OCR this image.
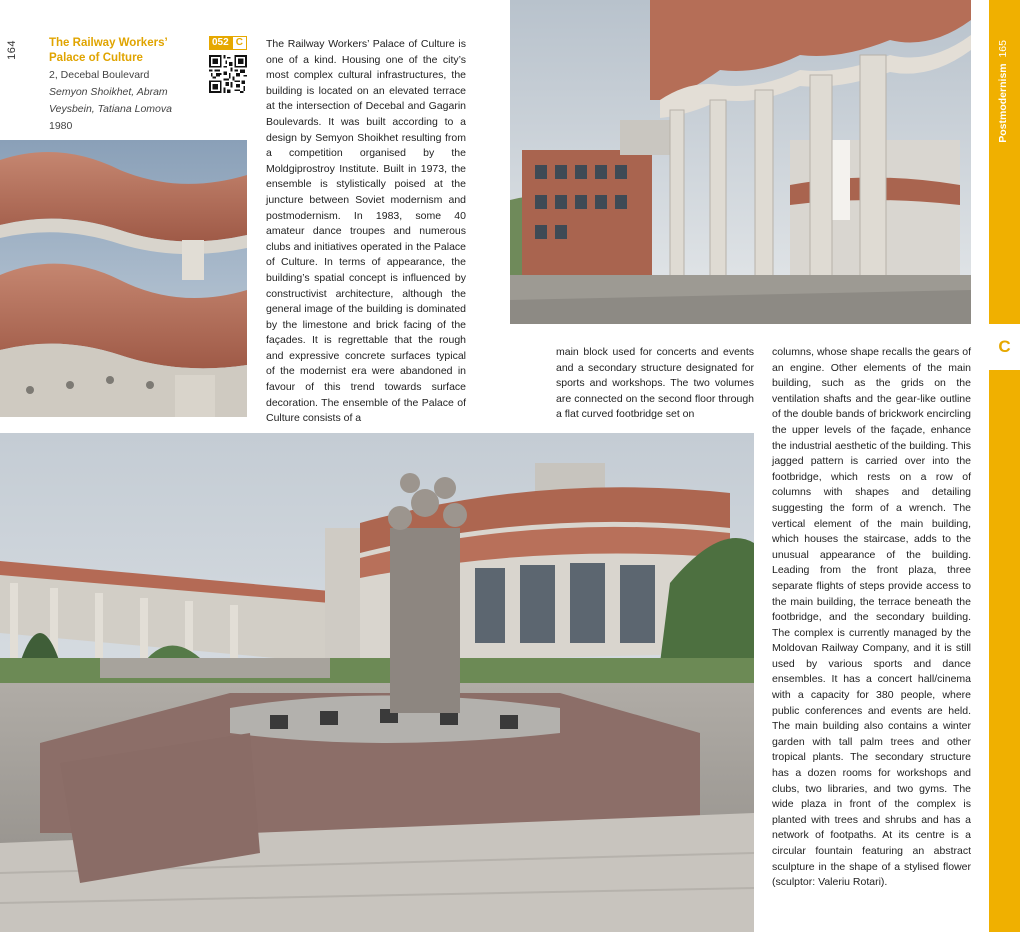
164	The Railway Workers’ Palace of Culture
2, Decebal Boulevard
Semyon Shoikhet, Abram Veysbein, Tatiana Lomova
1980
052 C	The Railway Workers’ Palace of Culture is one of a kind. Housing one of the city’s most complex cultural infrastructures, the building is located on an elevated terrace at the intersection of Decebal and Gagarin Boulevards. It was built according to a design by Semyon Shoikhet resulting from a competition organised by the Moldgiprostroy Institute. Built in 1973, the ensemble is stylistically poised at the juncture between Soviet modernism and postmodernism. In 1983, some 40 amateur dance troupes and numerous clubs and initiatives operated in the Palace of Culture. In terms of appearance, the building’s spatial concept is influenced by constructivist architecture, although the general image of the building is dominated by the limestone and brick facing of the façades. It is regrettable that the rough and expressive concrete surfaces typical of the modernist era were abandoned in favour of this trend towards surface decoration. The ensemble of the Palace of Culture consists of a
main block used for concerts and events and a secondary structure designated for sports and workshops. The two volumes are connected on the second floor through a flat curved footbridge set on
columns, whose shape recalls the gears of an engine. Other elements of the main building, such as the grids on the ventilation shafts and the gear-like outline of the double bands of brickwork encircling the upper levels of the façade, enhance the industrial aesthetic of the building. This jagged pattern is carried over into the footbridge, which rests on a row of columns with shapes and detailing suggesting the form of a wrench. The vertical element of the main building, which houses the staircase, adds to the unusual appearance of the building. Leading from the front plaza, three separate flights of steps provide access to the main building, the terrace beneath the footbridge, and the secondary building. The complex is currently managed by the Moldovan Railway Company, and it is still used by various sports and dance ensembles. It has a concert hall/cinema with a capacity for 380 people, where public conferences and events are held. The main building also contains a winter garden with tall palm trees and other tropical plants. The secondary structure has a dozen rooms for workshops and clubs, two libraries, and two gyms. The wide plaza in front of the complex is planted with trees and shrubs and has a network of footpaths. At its centre is a circular fountain featuring an abstract sculpture in the shape of a stylised flower (sculptor: Valeriu Rotari).
Postmodernism  165
C
